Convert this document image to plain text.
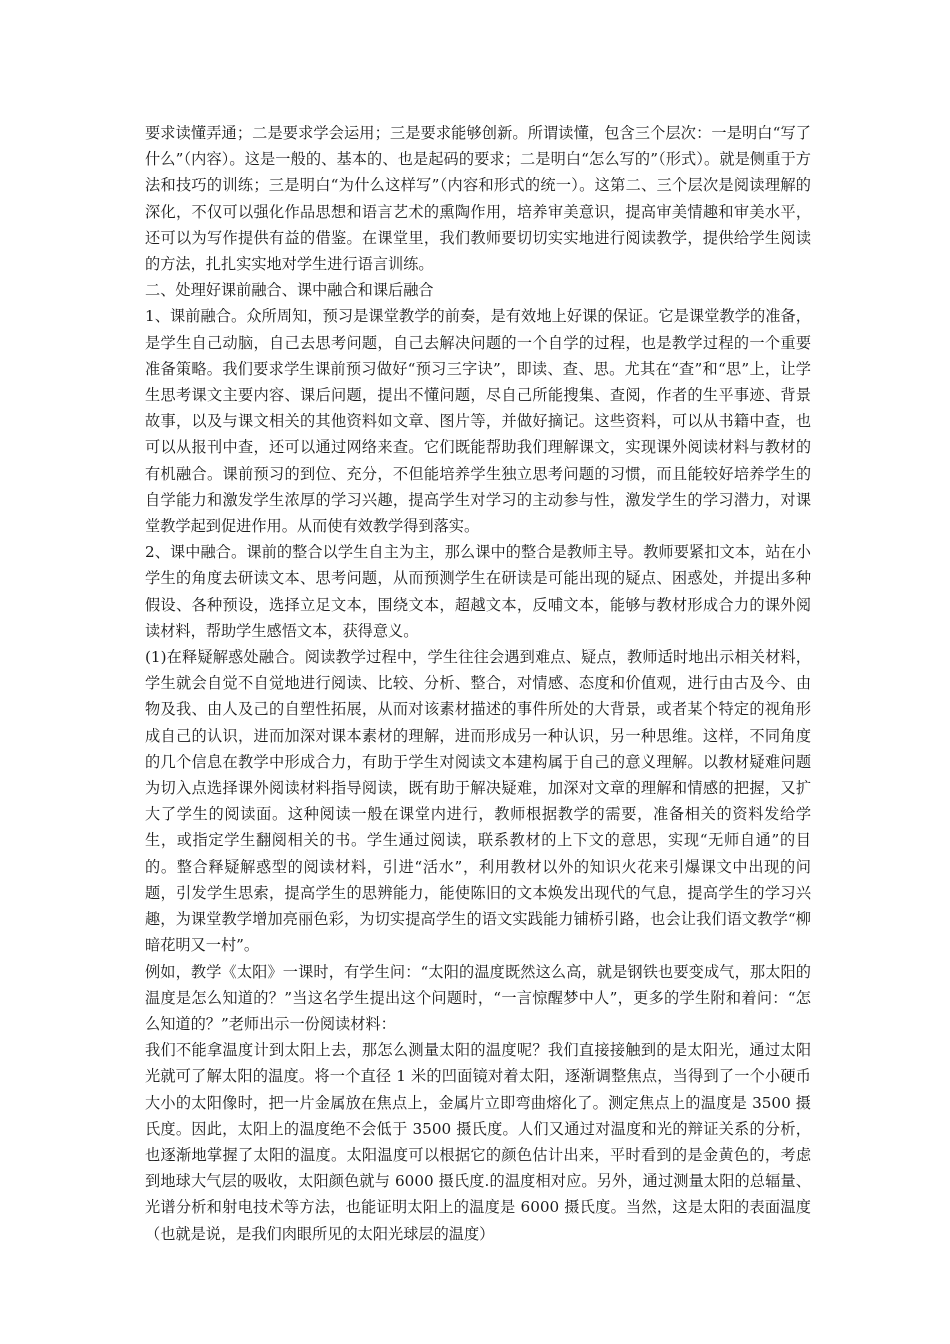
要求读懂弄通；二是要求学会运用；三是要求能够创新。所谓读懂，包含三个层次：一是明白“写了什么”（内容）。这是一般的、基本的、也是起码的要求；二是明白“怎么写的”（形式）。就是侧重于方法和技巧的训练；三是明白“为什么这样写”（内容和形式的统一）。这第二、三个层次是阅读理解的深化，不仅可以强化作品思想和语言艺术的熏陶作用，培养审美意识，提高审美情趣和审美水平，还可以为写作提供有益的借鉴。在课堂里，我们教师要切切实实地进行阅读教学，提供给学生阅读的方法，扎扎实实地对学生进行语言训练。

二、处理好课前融合、课中融合和课后融合

1、课前融合。众所周知，预习是课堂教学的前奏，是有效地上好课的保证。它是课堂教学的准备，是学生自己动脑，自己去思考问题，自己去解决问题的一个自学的过程，也是教学过程的一个重要准备策略。我们要求学生课前预习做好“预习三字诀”，即读、查、思。尤其在“查”和“思”上，让学生思考课文主要内容、课后问题，提出不懂问题，尽自己所能搜集、查阅，作者的生平事迹、背景故事，以及与课文相关的其他资料如文章、图片等，并做好摘记。这些资料，可以从书籍中查，也可以从报刊中查，还可以通过网络来查。它们既能帮助我们理解课文，实现课外阅读材料与教材的有机融合。课前预习的到位、充分，不但能培养学生独立思考问题的习惯，而且能较好培养学生的自学能力和激发学生浓厚的学习兴趣，提高学生对学习的主动参与性，激发学生的学习潜力，对课堂教学起到促进作用。从而使有效教学得到落实。

2、课中融合。课前的整合以学生自主为主，那么课中的整合是教师主导。教师要紧扣文本，站在小学生的角度去研读文本、思考问题，从而预测学生在研读是可能出现的疑点、困惑处，并提出多种假设、各种预设，选择立足文本，围绕文本，超越文本，反哺文本，能够与教材形成合力的课外阅读材料，帮助学生感悟文本，获得意义。

(1)在释疑解惑处融合。阅读教学过程中，学生往往会遇到难点、疑点，教师适时地出示相关材料，学生就会自觉不自觉地进行阅读、比较、分析、整合，对情感、态度和价值观，进行由古及今、由物及我、由人及己的自塑性拓展，从而对该素材描述的事件所处的大背景，或者某个特定的视角形成自己的认识，进而加深对课本素材的理解，进而形成另一种认识，另一种思维。这样，不同角度的几个信息在教学中形成合力，有助于学生对阅读文本建构属于自己的意义理解。以教材疑难问题为切入点选择课外阅读材料指导阅读，既有助于解决疑难，加深对文章的理解和情感的把握，又扩大了学生的阅读面。这种阅读一般在课堂内进行，教师根据教学的需要，准备相关的资料发给学生，或指定学生翻阅相关的书。学生通过阅读，联系教材的上下文的意思，实现“无师自通”的目的。整合释疑解惑型的阅读材料，引进“活水”，利用教材以外的知识火花来引爆课文中出现的问题，引发学生思索，提高学生的思辨能力，能使陈旧的文本焕发出现代的气息，提高学生的学习兴趣，为课堂教学增加亮丽色彩，为切实提高学生的语文实践能力铺桥引路，也会让我们语文教学“柳暗花明又一村”。

例如，教学《太阳》一课时，有学生问：“太阳的温度既然这么高，就是钢铁也要变成气，那太阳的温度是怎么知道的？”当这名学生提出这个问题时，“一言惊醒梦中人”，更多的学生附和着问：“怎么知道的？”老师出示一份阅读材料：

我们不能拿温度计到太阳上去，那怎么测量太阳的温度呢？我们直接接触到的是太阳光，通过太阳光就可了解太阳的温度。将一个直径 1 米的凹面镜对着太阳，逐渐调整焦点，当得到了一个小硬币大小的太阳像时，把一片金属放在焦点上，金属片立即弯曲熔化了。测定焦点上的温度是 3500 摄氏度。因此，太阳上的温度绝不会低于 3500 摄氏度。人们又通过对温度和光的辩证关系的分析，也逐渐地掌握了太阳的温度。太阳温度可以根据它的颜色估计出来，平时看到的是金黄色的，考虑到地球大气层的吸收，太阳颜色就与 6000 摄氏度.的温度相对应。另外，通过测量太阳的总辐量、光谱分析和射电技术等方法，也能证明太阳上的温度是 6000 摄氏度。当然，这是太阳的表面温度（也就是说，是我们肉眼所见的太阳光球层的温度）
